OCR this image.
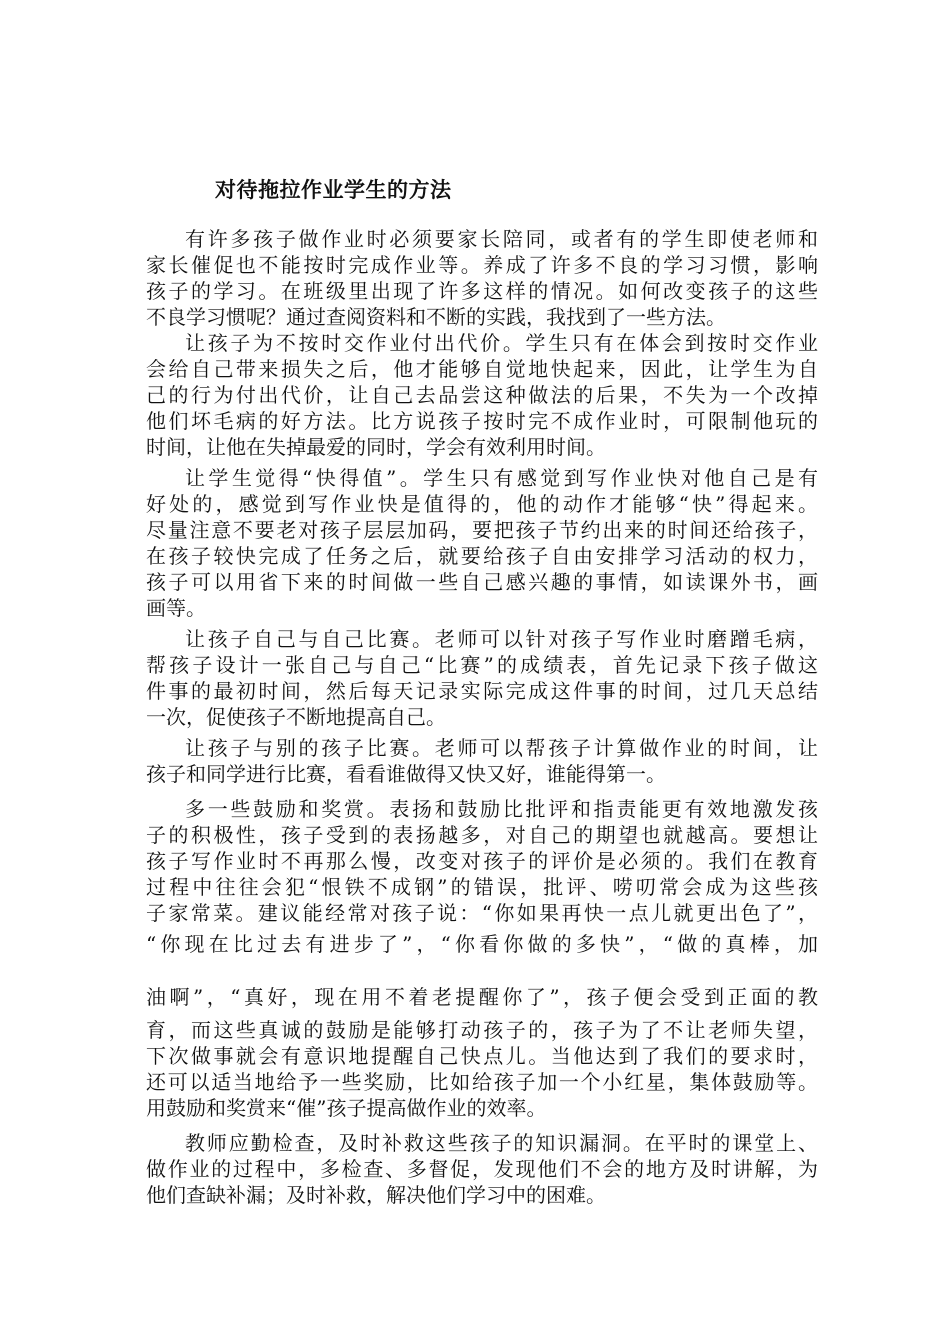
对待拖拉作业学生的方法

有许多孩子做作业时必须要家长陪同，或者有的学生即使老师和

家长催促也不能按时完成作业等。养成了许多不良的学习习惯，影响

孩子的学习。在班级里出现了许多这样的情况。如何改变孩子的这些

不良学习惯呢？通过查阅资料和不断的实践，我找到了一些方法。

让孩子为不按时交作业付出代价。学生只有在体会到按时交作业

会给自己带来损失之后，他才能够自觉地快起来，因此，让学生为自

己的行为付出代价，让自己去品尝这种做法的后果，不失为一个改掉

他们坏毛病的好方法。比方说孩子按时完不成作业时，可限制他玩的

时间，让他在失掉最爱的同时，学会有效利用时间。

让学生觉得“快得值”。学生只有感觉到写作业快对他自己是有

好处的，感觉到写作业快是值得的，他的动作才能够“快”得起来。

尽量注意不要老对孩子层层加码，要把孩子节约出来的时间还给孩子，

在孩子较快完成了任务之后，就要给孩子自由安排学习活动的权力，

孩子可以用省下来的时间做一些自己感兴趣的事情，如读课外书，画

画等。

让孩子自己与自己比赛。老师可以针对孩子写作业时磨蹭毛病，

帮孩子设计一张自己与自己“比赛”的成绩表，首先记录下孩子做这

件事的最初时间，然后每天记录实际完成这件事的时间，过几天总结

一次，促使孩子不断地提高自己。

让孩子与别的孩子比赛。老师可以帮孩子计算做作业的时间，让

孩子和同学进行比赛，看看谁做得又快又好，谁能得第一。

多一些鼓励和奖赏。表扬和鼓励比批评和指责能更有效地激发孩

子的积极性，孩子受到的表扬越多，对自己的期望也就越高。要想让

孩子写作业时不再那么慢，改变对孩子的评价是必须的。我们在教育

过程中往往会犯“恨铁不成钢”的错误，批评、唠叨常会成为这些孩

子家常菜。建议能经常对孩子说：“你如果再快一点儿就更出色了”，

“你现在比过去有进步了”，“你看你做的多快”，“做的真棒，加

油啊”，“真好，现在用不着老提醒你了”，孩子便会受到正面的教

育，而这些真诚的鼓励是能够打动孩子的，孩子为了不让老师失望，

下次做事就会有意识地提醒自己快点儿。当他达到了我们的要求时，

还可以适当地给予一些奖励，比如给孩子加一个小红星，集体鼓励等。

用鼓励和奖赏来“催”孩子提高做作业的效率。

教师应勤检查，及时补救这些孩子的知识漏洞。在平时的课堂上、

做作业的过程中，多检查、多督促，发现他们不会的地方及时讲解，为

他们查缺补漏；及时补救，解决他们学习中的困难。
